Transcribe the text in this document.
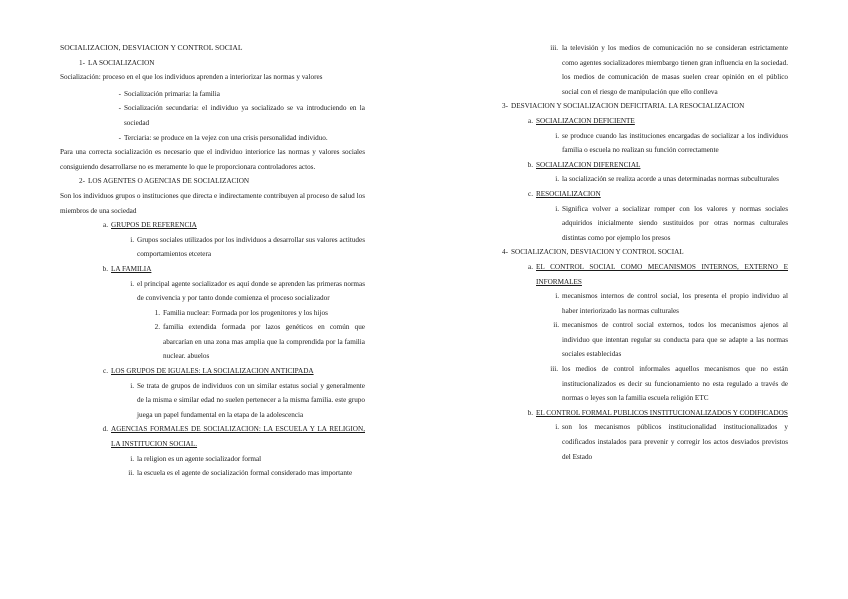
SOCIALIZACION, DESVIACION Y CONTROL SOCIAL
1- LA SOCIALIZACION
Socialización: proceso en el que los individuos aprenden a interiorizar las normas y valores
- Socialización primaria: la familia
- Socialización secundaria: el individuo ya socializado se va introduciendo en la sociedad
- Terciaria: se produce en la vejez con una crisis personalidad individuo.
Para una correcta socialización es necesario que el individuo interiorice las normas y valores sociales consiguiendo desarrollarse no es meramente lo que le proporcionara controladores actos.
2- LOS AGENTES O AGENCIAS DE SOCIALIZACION
Son los individuos grupos o instituciones que directa e indirectamente contribuyen al proceso de salud los miembros de una sociedad
a. GRUPOS DE REFERENCIA
i. Grupos sociales utilizados por los individuos a desarrollar sus valores actitudes comportamientos etcetera
b. LA FAMILIA
i. el principal agente socializador es aquí donde se aprenden las primeras normas de convivencia y por tanto donde comienza el proceso socializador
1. Familia nuclear: Formada por los progenitores y los hijos
2. familia extendida formada por lazos genéticos en común que abarcarían en una zona mas amplia que la comprendida por la familia nuclear. abuelos
c. LOS GRUPOS DE IGUALES: LA SOCIALIZACION ANTICIPADA
i. Se trata de grupos de individuos con un similar estatus social y generalmente de la misma e similar edad no suelen pertenecer a la misma familia. este grupo juega un papel fundamental en la etapa de la adolescencia
d. AGENCIAS FORMALES DE SOCIALIZACION: LA ESCUELA Y LA RELIGION, LA INSTITUCION SOCIAL.
i. la religion es un agente socializador formal
ii. la escuela es el agente de socialización formal considerado mas importante
iii. la televisión y los medios de comunicación no se consideran estrictamente como agentes socializadores miembargo tienen gran influencia en la sociedad. los medios de comunicación de masas suelen crear opinión en el público social con el riesgo de manipulación que ello conlleva
3- DESVIACION Y SOCIALIZACION DEFICITARIA. LA RESOCIALIZACION
a. SOCIALIZACION DEFICIENTE
i. se produce cuando las instituciones encargadas de socializar a los individuos familia o escuela no realizan su función correctamente
b. SOCIALIZACION DIFERENCIAL
i. la socialización se realiza acorde a unas determinadas normas subculturales
c. RESOCIALIZACION
i. Significa volver a socializar romper con los valores y normas sociales adquiridos inicialmente siendo sustituidos por otras normas culturales distintas como por ejemplo los presos
4- SOCIALIZACION, DESVIACION Y CONTROL SOCIAL
a. EL CONTROL SOCIAL COMO MECANISMOS INTERNOS, EXTERNO E INFORMALES
i. mecanismos internos de control social, los presenta el propio individuo al haber interiorizado las normas culturales
ii. mecanismos de control social externos, todos los mecanismos ajenos al individuo que intentan regular su conducta para que se adapte a las normas sociales establecidas
iii. los medios de control informales aquellos mecanismos que no están institucionalizados es decir su funcionamiento no esta regulado a través de normas o leyes son la familia escuela religión ETC
b. EL CONTROL FORMAL PUBLICOS INSTITUCIONALIZADOS Y CODIFICADOS
i. son los mecanismos públicos institucionalidad institucionalizados y codificados instalados para prevenir y corregir los actos desviados previstos del Estado
